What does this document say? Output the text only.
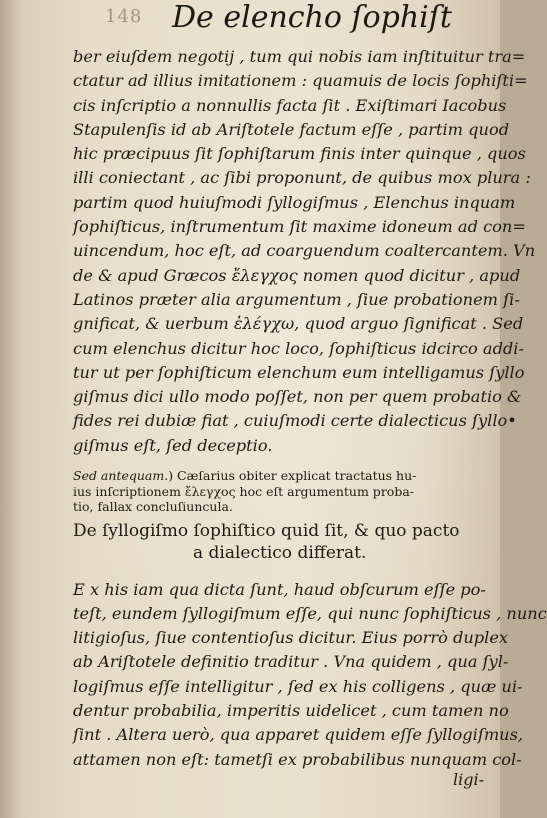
148 De elencho ſophiſt
ber eiuſdem negotij , tum qui nobis iam inſtituitur tra=
ctatur ad illius imitationem : quamuis de locis ſophiſti=
cis inſcriptio a nonnullis facta ſit . Exiſtimari Iacobus
Stapulenſis id ab Ariſtotele factum eſſe , partim quod
hic præcipuus ſit ſophiſtarum finis inter quinque , quos
illi coniectant , ac ſibi proponunt, de quibus mox plura :
partim quod huiuſmodi ſyllogiſmus , Elenchus inquam
ſophiſticus, inſtrumentum ſit maxime idoneum ad con=
uincendum, hoc eſt, ad coarguendum coaltercantem. Vn
de & apud Græcos ἔλεγχος nomen quod dicitur , apud
Latinos præter alia argumentum , ſiue probationem ſi-
gnificat, & uerbum ἐλέγχω, quod arguo ſignificat . Sed
cum elenchus dicitur hoc loco, ſophiſticus idcirco addi-
tur ut per ſophiſticum elenchum eum intelligamus ſyllo
giſmus dici ullo modo poſſet, non per quem probatio &
fides rei dubiæ fiat , cuiuſmodi certe dialecticus ſyllo•
giſmus eſt, ſed deceptio.
Sed antequam.) Cæſarius obiter explicat tractatus hu-
ius inſcriptionem ἔλεγχος hoc eſt argumentum proba-
tio, fallax concluſiuncula.
De ſyllogiſmo ſophiſtico quid ſit, & quo pacto
a dialectico differat.
E x his iam qua dicta ſunt, haud obſcurum eſſe po-
teſt, eundem ſyllogiſmum eſſe, qui nunc ſophiſticus , nunc
litigioſus, ſiue contentioſus dicitur. Eius porrò duplex
ab Ariſtotele definitio traditur . Vna quidem , qua ſyl-
logiſmus eſſe intelligitur , ſed ex his colligens , quæ ui-
dentur probabilia, imperitis uidelicet , cum tamen no
ſint . Altera uerò, qua apparet quidem eſſe ſyllogiſmus,
attamen non eſt: tametſi ex probabilibus nunquam col-
ligi-
